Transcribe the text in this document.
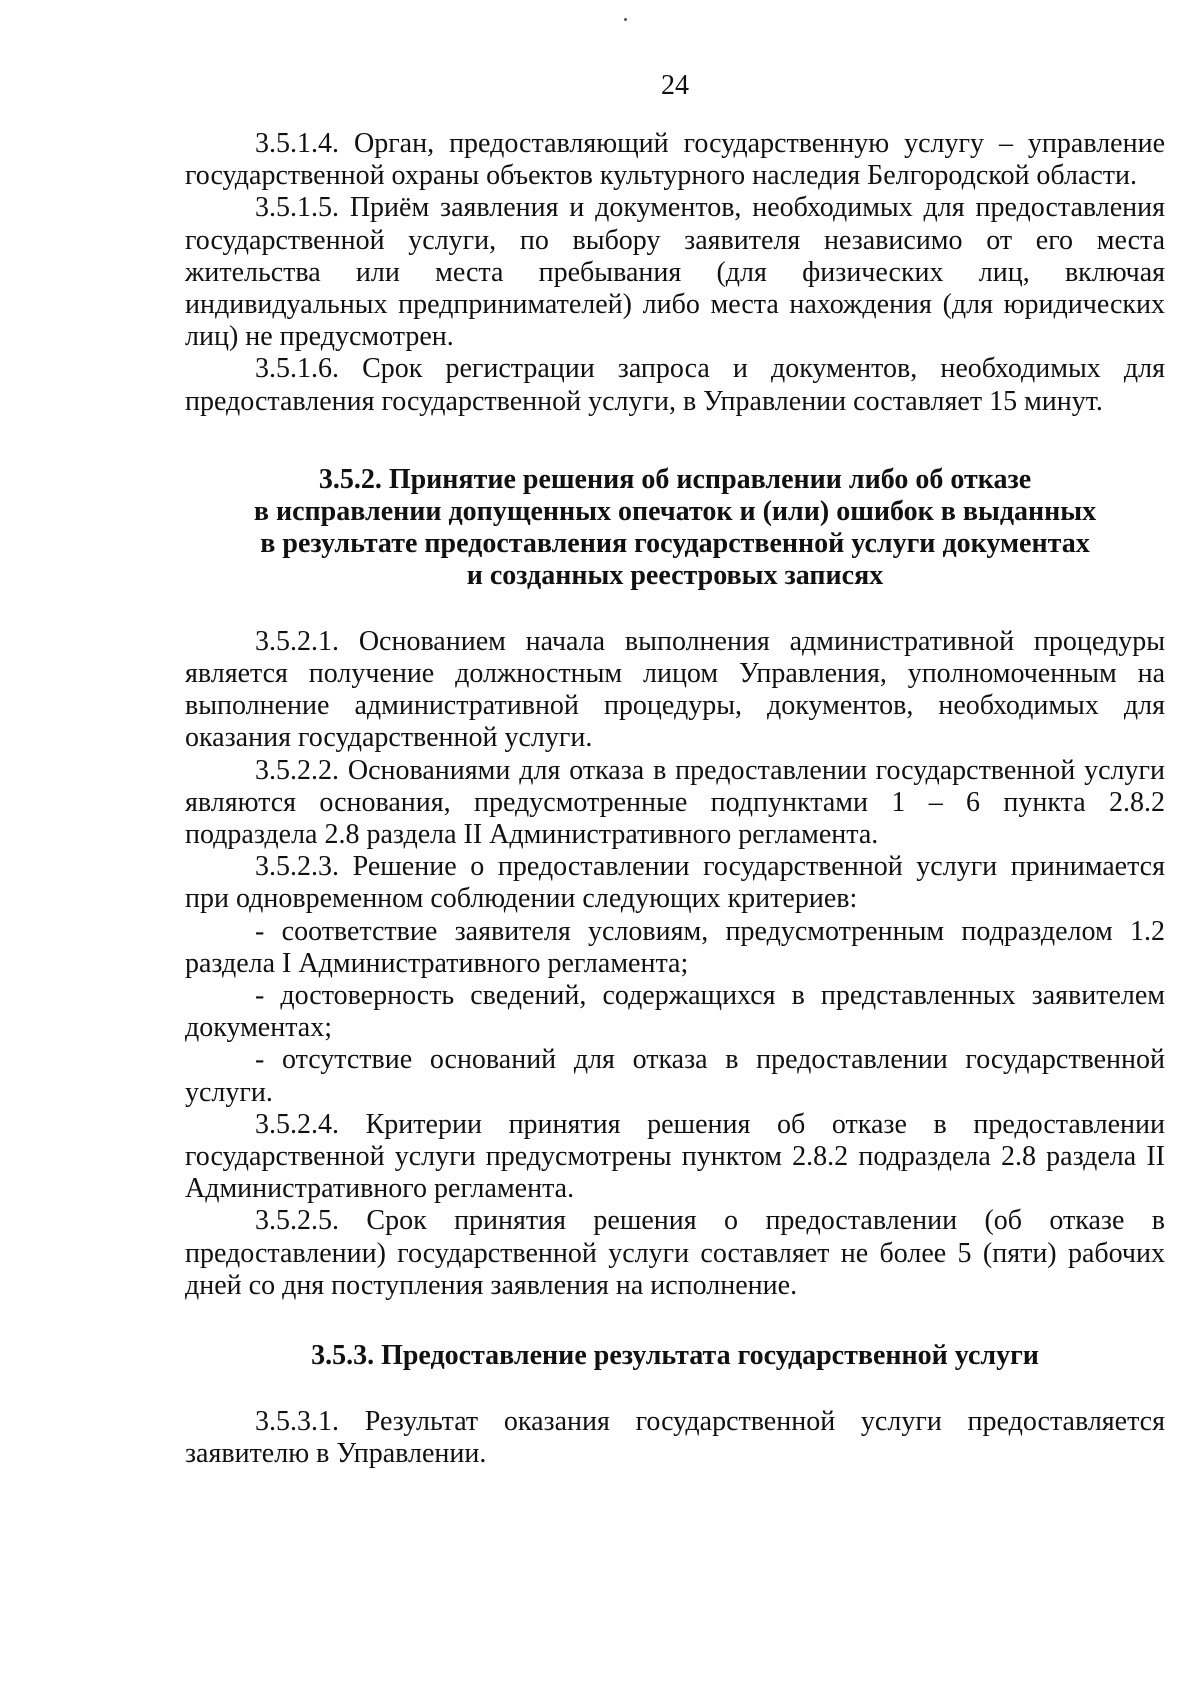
24

3.5.1.4. Орган, предоставляющий государственную услугу – управление государственной охраны объектов культурного наследия Белгородской области.

3.5.1.5. Приём заявления и документов, необходимых для предоставления государственной услуги, по выбору заявителя независимо от его места жительства или места пребывания (для физических лиц, включая индивидуальных предпринимателей) либо места нахождения (для юридических лиц) не предусмотрен.

3.5.1.6. Срок регистрации запроса и документов, необходимых для предоставления государственной услуги, в Управлении составляет 15 минут.

3.5.2. Принятие решения об исправлении либо об отказе
в исправлении допущенных опечаток и (или) ошибок в выданных
в результате предоставления государственной услуги документах
и созданных реестровых записях

3.5.2.1. Основанием начала выполнения административной процедуры является получение должностным лицом Управления, уполномоченным на выполнение административной процедуры, документов, необходимых для оказания государственной услуги.

3.5.2.2. Основаниями для отказа в предоставлении государственной услуги являются основания, предусмотренные подпунктами 1 – 6 пункта 2.8.2 подраздела 2.8 раздела II Административного регламента.

3.5.2.3. Решение о предоставлении государственной услуги принимается при одновременном соблюдении следующих критериев:

- соответствие заявителя условиям, предусмотренным подразделом 1.2 раздела I Административного регламента;

- достоверность сведений, содержащихся в представленных заявителем документах;

- отсутствие оснований для отказа в предоставлении государственной услуги.

3.5.2.4. Критерии принятия решения об отказе в предоставлении государственной услуги предусмотрены пунктом 2.8.2 подраздела 2.8 раздела II Административного регламента.

3.5.2.5. Срок принятия решения о предоставлении (об отказе в предоставлении) государственной услуги составляет не более 5 (пяти) рабочих дней со дня поступления заявления на исполнение.

3.5.3. Предоставление результата государственной услуги

3.5.3.1. Результат оказания государственной услуги предоставляется заявителю в Управлении.
